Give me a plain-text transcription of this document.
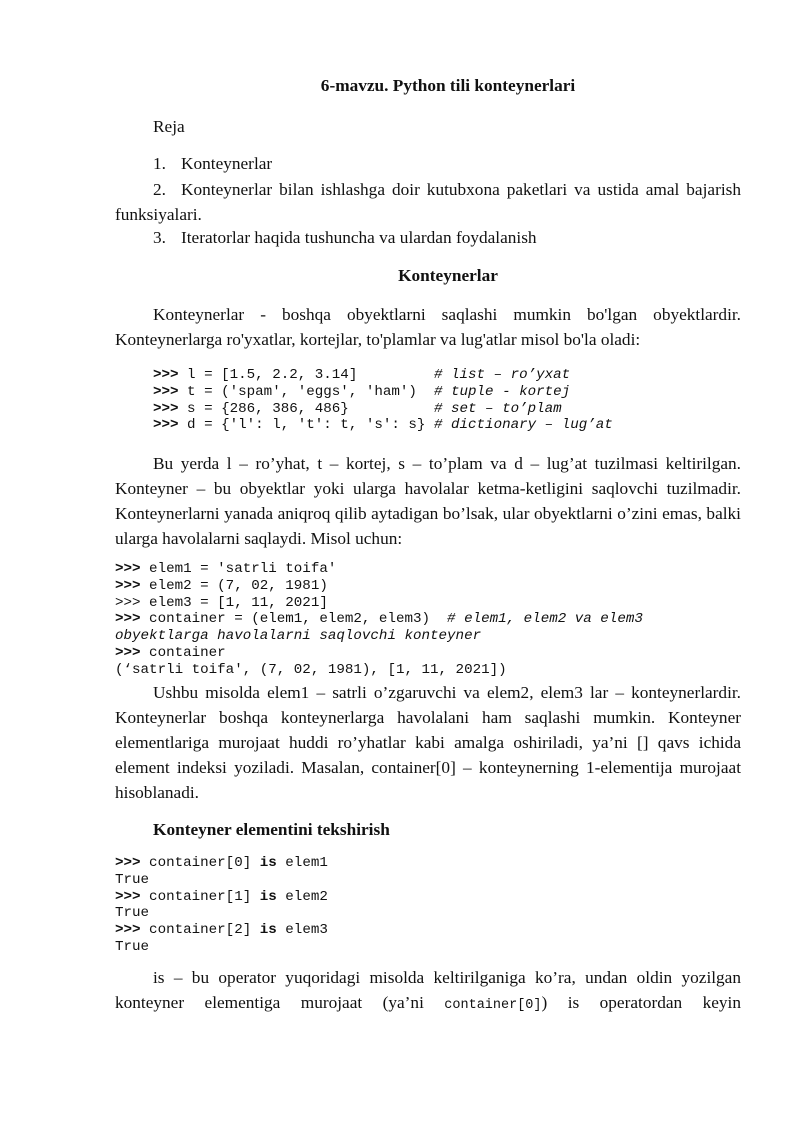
6-mavzu. Python tili konteynerlari
Reja
1. Konteynerlar
2. Konteynerlar bilan ishlashga doir kutubxona paketlari va ustida amal bajarish funksiyalari.
3. Iteratorlar haqida tushuncha va ulardan foydalanish
Konteynerlar
Konteynerlar - boshqa obyektlarni saqlashi mumkin bo'lgan obyektlardir. Konteynerlarga ro'yxatlar, kortejlar, to'plamlar va lug'atlar misol bo'la oladi:
>>> l = [1.5, 2.2, 3.14]         # list – ro’yxat
>>> t = ('spam', 'eggs', 'ham')  # tuple - kortej
>>> s = {286, 386, 486}          # set – to’plam
>>> d = {'l': l, 't': t, 's': s} # dictionary – lug’at
Bu yerda l – ro’yhat, t – kortej, s – to’plam va d – lug’at tuzilmasi keltirilgan. Konteyner – bu obyektlar yoki ularga havolalar ketma-ketligini saqlovchi tuzilmadir. Konteynerlarni yanada aniqroq qilib aytadigan bo’lsak, ular obyektlarni o’zini emas, balki ularga havolalarni saqlaydi. Misol uchun:
>>> elem1 = 'satrli toifa'
>>> elem2 = (7, 02, 1981)
>>> elem3 = [1, 11, 2021]
>>> container = (elem1, elem2, elem3)  # elem1, elem2 va elem3
obyektlarga havolalarni saqlovchi konteyner
>>> container
(‘satrli toifa', (7, 02, 1981), [1, 11, 2021])
Ushbu misolda elem1 – satrli o’zgaruvchi va elem2, elem3 lar – konteynerlardir. Konteynerlar boshqa konteynerlarga havolalani ham saqlashi mumkin. Konteyner elementlariga murojaat huddi ro’yhatlar kabi amalga oshiriladi, ya’ni [] qavs ichida element indeksi yoziladi. Masalan, container[0] – konteynerning 1-elementija murojaat hisoblanadi.
Konteyner elementini tekshirish
>>> container[0] is elem1
True
>>> container[1] is elem2
True
>>> container[2] is elem3
True
is – bu operator yuqoridagi misolda keltirilganiga ko’ra, undan oldin yozilgan konteyner elementiga murojaat (ya’ni container[0]) is operatordan keyin
